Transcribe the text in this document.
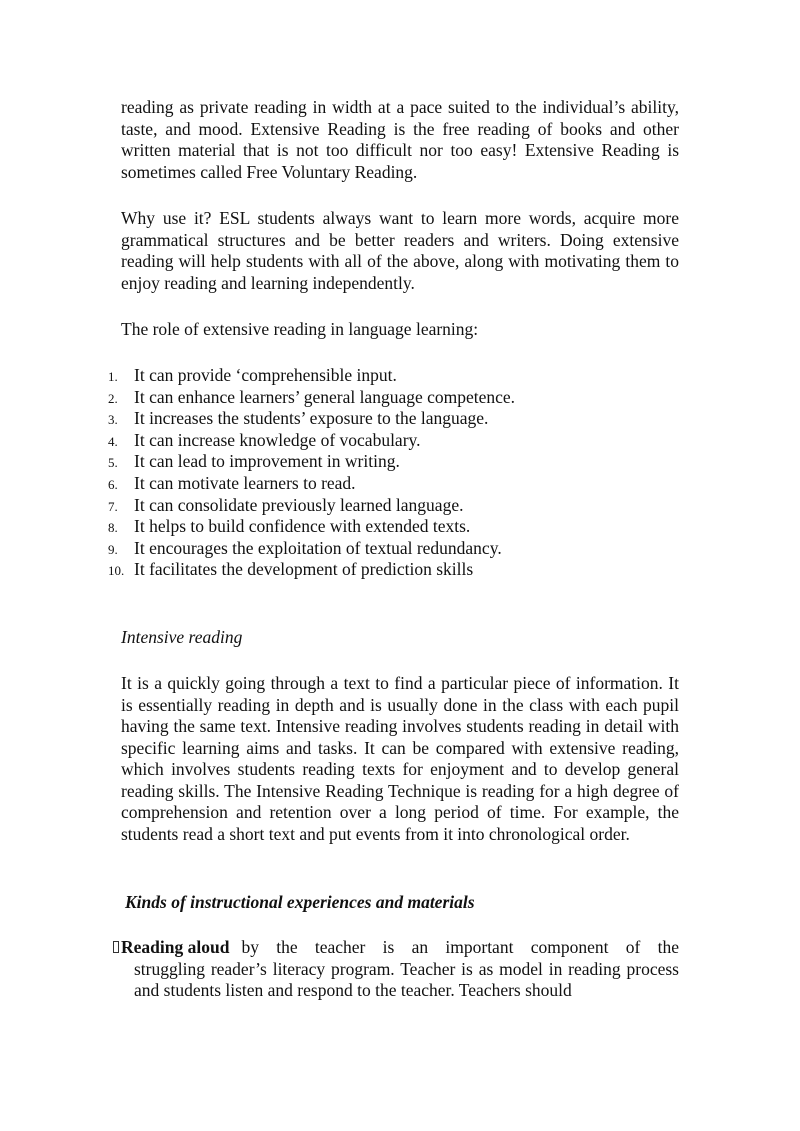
reading as private reading in width at a pace suited to the individual’s ability, taste, and mood. Extensive Reading is the free reading of books and other written material that is not too difficult nor too easy! Extensive Reading is sometimes called Free Voluntary Reading.

Why use it? ESL students always want to learn more words, acquire more grammatical structures and be better readers and writers. Doing extensive reading will help students with all of the above, along with motivating them to enjoy reading and learning independently.

The role of extensive reading in language learning:

1. It can provide ‘comprehensible input.
2. It can enhance learners’ general language competence.
3. It increases the students’ exposure to the language.
4. It can increase knowledge of vocabulary.
5. It can lead to improvement in writing.
6. It can motivate learners to read.
7.It can consolidate previously learned language.
8. It helps to build confidence with extended texts.
9. It encourages the exploitation of textual redundancy.
10. It facilitates the development of prediction skills

Intensive reading

It is a quickly going through a text to find a particular piece of information. It is essentially reading in depth and is usually done in the class with each pupil having the same text. Intensive reading involves students reading in detail with specific learning aims and tasks. It can be compared with extensive reading, which involves students reading texts for enjoyment and to develop general reading skills. The Intensive Reading Technique is reading for a high degree of comprehension and retention over a long period of time. For example, the students read a short text and put events from it into chronological order.

Kinds of instructional experiences and materials

Reading aloud by the teacher is an important component of the

struggling reader’s literacy program. Teacher is as model in reading process and students listen and respond to the teacher. Teachers should
